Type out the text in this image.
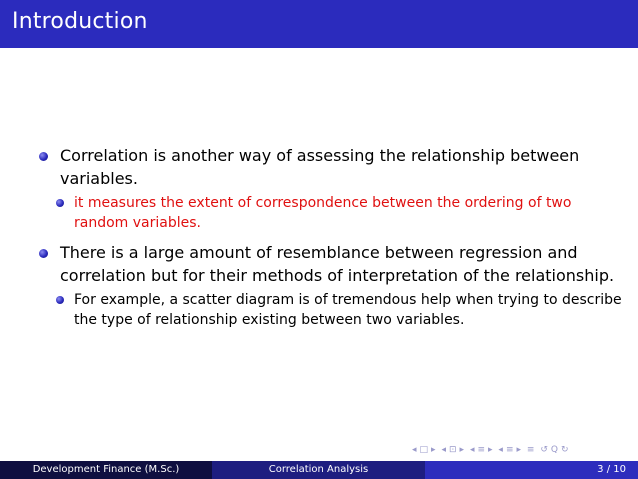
Introduction
Correlation is another way of assessing the relationship between variables.
it measures the extent of correspondence between the ordering of two random variables.
There is a large amount of resemblance between regression and correlation but for their methods of interpretation of the relationship.
For example, a scatter diagram is of tremendous help when trying to describe the type of relationship existing between two variables.
◂ □ ▸ ◂ ⊡ ▸ ◂ ≡ ▸ ◂ ≡ ▸ ≡ ↺ Q ↻
Development Finance (M.Sc.)	Correlation Analysis	3 / 10
